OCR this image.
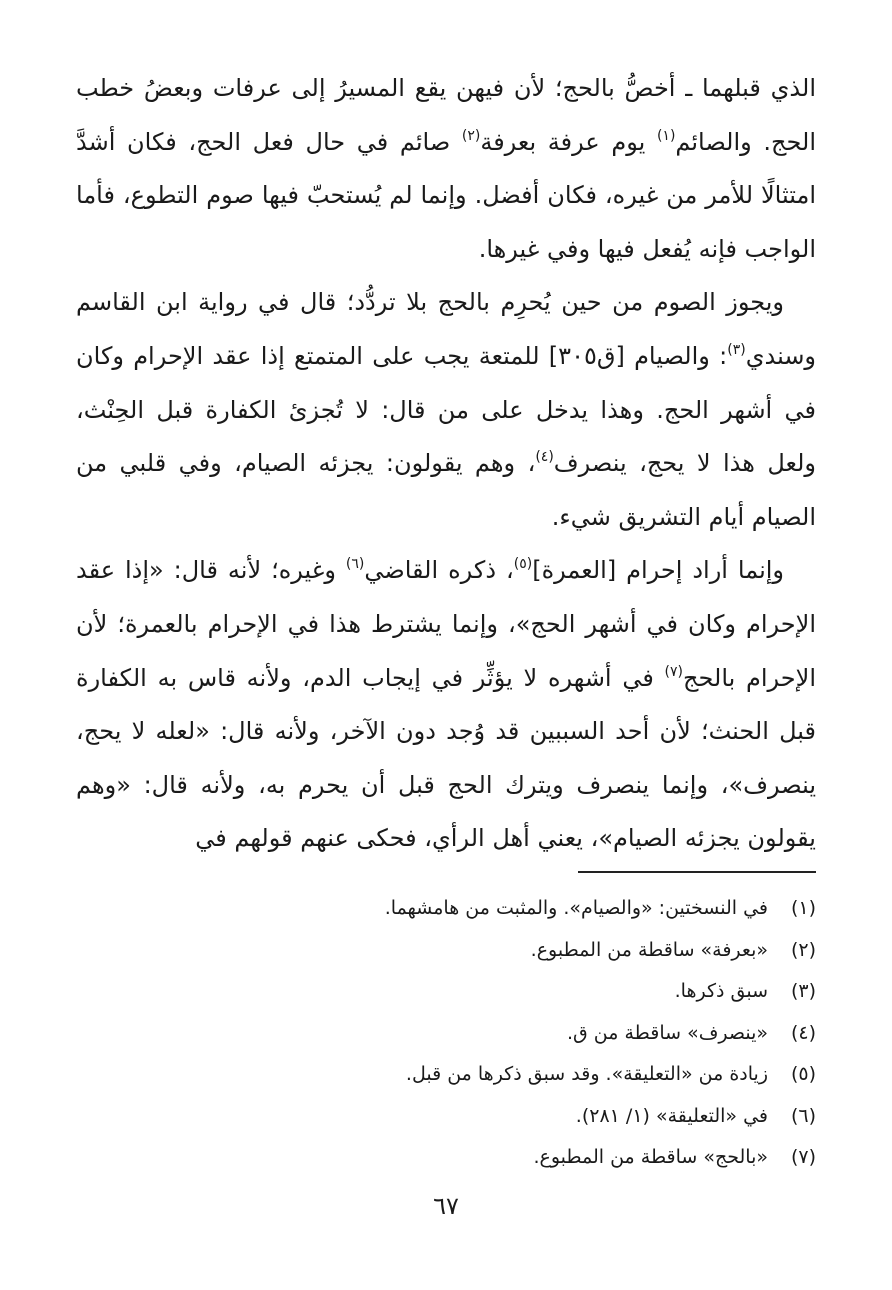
الذي قبلهما ـ أخصُّ بالحج؛ لأن فيهن يقع المسيرُ إلى عرفات وبعضُ خطب الحج. والصائم$^{(١)}$ يوم عرفة بعرفة$^{(٢)}$ صائم في حال فعل الحج، فكان أشدَّ امتثالًا للأمر من غيره، فكان أفضل. وإنما لم يُستحبّ فيها صوم التطوع، فأما الواجب فإنه يُفعل فيها وفي غيرها.

ويجوز الصوم من حين يُحرِم بالحج بلا تردُّد؛ قال في رواية ابن القاسم وسندي$^{(٣)}$: والصيام [ق٣٠٥] للمتعة يجب على المتمتع إذا عقد الإحرام وكان في أشهر الحج. وهذا يدخل على من قال: لا تُجزئ الكفارة قبل الحِنْث، ولعل هذا لا يحج، ينصرف$^{(٤)}$، وهم يقولون: يجزئه الصيام، وفي قلبي من الصيام أيام التشريق شيء.

وإنما أراد إحرام [العمرة]$^{(٥)}$، ذكره القاضي$^{(٦)}$ وغيره؛ لأنه قال: «إذا عقد الإحرام وكان في أشهر الحج»، وإنما يشترط هذا في الإحرام بالعمرة؛ لأن الإحرام بالحج$^{(٧)}$ في أشهره لا يؤثِّر في إيجاب الدم، ولأنه قاس به الكفارة قبل الحنث؛ لأن أحد السببين قد وُجد دون الآخر، ولأنه قال: «لعله لا يحج، ينصرف»، وإنما ينصرف ويترك الحج قبل أن يحرم به، ولأنه قال: «وهم يقولون يجزئه الصيام»، يعني أهل الرأي، فحكى عنهم قولهم في

(١)
في النسختين: «والصيام». والمثبت من هامشهما.
(٢)
«بعرفة» ساقطة من المطبوع.
(٣)
سبق ذكرها.
(٤)
«ينصرف» ساقطة من ق.
(٥)
زيادة من «التعليقة». وقد سبق ذكرها من قبل.
(٦)
في «التعليقة» (١/ ٢٨١).
(٧)
«بالحج» ساقطة من المطبوع.
٦٧
